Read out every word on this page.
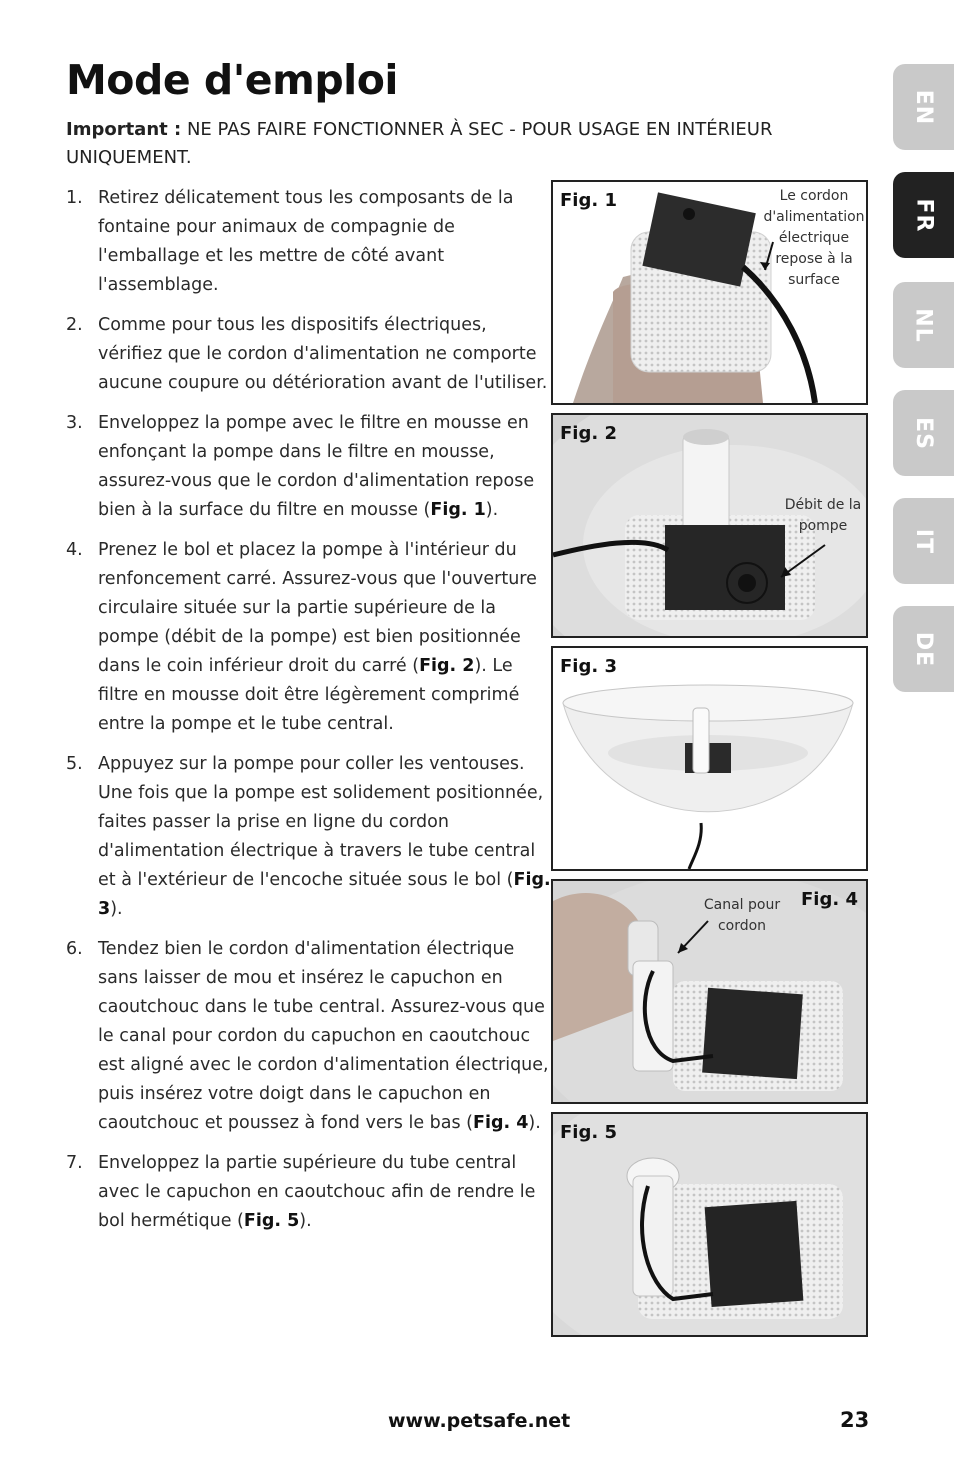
Mode d'emploi
Important : NE PAS FAIRE FONCTIONNER À SEC - POUR USAGE EN INTÉRIEUR UNIQUEMENT.
1. Retirez délicatement tous les composants de la fontaine pour animaux de compagnie de l'emballage et les mettre de côté avant l'assemblage.
2. Comme pour tous les dispositifs électriques, vérifiez que le cordon d'alimentation ne comporte aucune coupure ou détérioration avant de l'utiliser.
3. Enveloppez la pompe avec le filtre en mousse en enfonçant la pompe dans le filtre en mousse, assurez-vous que le cordon d'alimentation repose bien à la surface du filtre en mousse (Fig. 1).
4. Prenez le bol et placez la pompe à l'intérieur du renfoncement carré. Assurez-vous que l'ouverture circulaire située sur la partie supérieure de la pompe (débit de la pompe) est bien positionnée dans le coin inférieur droit du carré (Fig. 2). Le filtre en mousse doit être légèrement comprimé entre la pompe et le tube central.
5. Appuyez sur la pompe pour coller les ventouses. Une fois que la pompe est solidement positionnée, faites passer la prise en ligne du cordon d'alimentation électrique à travers le tube central et à l'extérieur de l'encoche située sous le bol (Fig. 3).
6. Tendez bien le cordon d'alimentation électrique sans laisser de mou et insérez le capuchon en caoutchouc dans le tube central. Assurez-vous que le canal pour cordon du capuchon en caoutchouc est aligné avec le cordon d'alimentation électrique, puis insérez votre doigt dans le capuchon en caoutchouc et poussez à fond vers le bas (Fig. 4).
7. Enveloppez la partie supérieure du tube central avec le capuchon en caoutchouc afin de rendre le bol hermétique (Fig. 5).
Fig. 1	Le cordon d'alimentation électrique repose à la surface
Fig. 2
Débit de la pompe
Fig. 3
Fig. 4
Canal pour cordon
Fig. 5
EN
FR
NL
ES
IT
DE
www.petsafe.net	23
